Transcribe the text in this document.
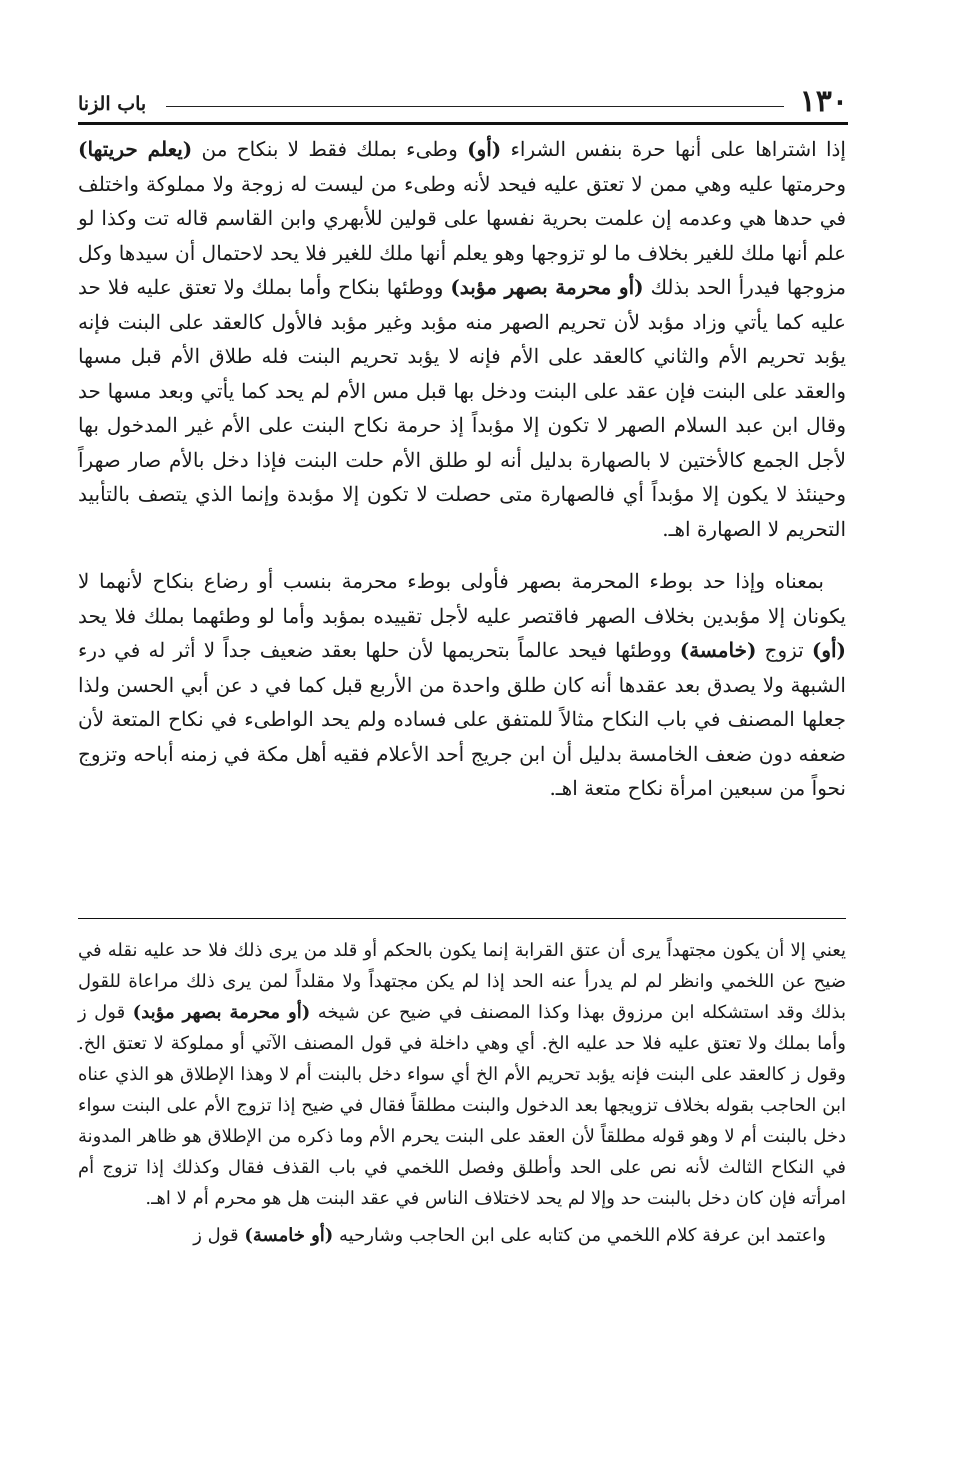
١٣٠
باب الزنا

إذا اشتراها على أنها حرة بنفس الشراء (أو) وطىء بملك فقط لا بنكاح من (يعلم حريتها) وحرمتها عليه وهي ممن لا تعتق عليه فيحد لأنه وطىء من ليست له زوجة ولا مملوكة واختلف في حدها هي وعدمه إن علمت بحرية نفسها على قولين للأبهري وابن القاسم قاله تت وكذا لو علم أنها ملك للغير بخلاف ما لو تزوجها وهو يعلم أنها ملك للغير فلا يحد لاحتمال أن سيدها وكل مزوجها فيدرأ الحد بذلك (أو محرمة بصهر مؤبد) ووطئها بنكاح وأما بملك ولا تعتق عليه فلا حد عليه كما يأتي وزاد مؤبد لأن تحريم الصهر منه مؤبد وغير مؤبد فالأول كالعقد على البنت فإنه يؤبد تحريم الأم والثاني كالعقد على الأم فإنه لا يؤبد تحريم البنت فله طلاق الأم قبل مسها والعقد على البنت فإن عقد على البنت ودخل بها قبل مس الأم لم يحد كما يأتي وبعد مسها حد وقال ابن عبد السلام الصهر لا تكون إلا مؤبداً إذ حرمة نكاح البنت على الأم غير المدخول بها لأجل الجمع كالأختين لا بالصهارة بدليل أنه لو طلق الأم حلت البنت فإذا دخل بالأم صار صهراً وحينئذ لا يكون إلا مؤبداً أي فالصهارة متى حصلت لا تكون إلا مؤبدة وإنما الذي يتصف بالتأبيد التحريم لا الصهارة اهـ.

بمعناه وإذا حد بوطء المحرمة بصهر فأولى بوطء محرمة بنسب أو رضاع بنكاح لأنهما لا يكونان إلا مؤبدين بخلاف الصهر فاقتصر عليه لأجل تقييده بمؤبد وأما لو وطئهما بملك فلا يحد (أو) تزوج (خامسة) ووطئها فيحد عالماً بتحريمها لأن حلها بعقد ضعيف جداً لا أثر له في درء الشبهة ولا يصدق بعد عقدها أنه كان طلق واحدة من الأربع قبل كما في د عن أبي الحسن ولذا جعلها المصنف في باب النكاح مثالاً للمتفق على فساده ولم يحد الواطىء في نكاح المتعة لأن ضعفه دون ضعف الخامسة بدليل أن ابن جريج أحد الأعلام فقيه أهل مكة في زمنه أباحه وتزوج نحواً من سبعين امرأة نكاح متعة اهـ.

يعني إلا أن يكون مجتهداً يرى أن عتق القرابة إنما يكون بالحكم أو قلد من يرى ذلك فلا حد عليه نقله في ضيح عن اللخمي وانظر لم لم يدرأ عنه الحد إذا لم يكن مجتهداً ولا مقلداً لمن يرى ذلك مراعاة للقول بذلك وقد استشكله ابن مرزوق بهذا وكذا المصنف في ضيح عن شيخه (أو محرمة بصهر مؤبد) قول ز وأما بملك ولا تعتق عليه فلا حد عليه الخ. أي وهي داخلة في قول المصنف الآتي أو مملوكة لا تعتق الخ. وقول ز كالعقد على البنت فإنه يؤبد تحريم الأم الخ أي سواء دخل بالبنت أم لا وهذا الإطلاق هو الذي عناه ابن الحاجب بقوله بخلاف تزويجها بعد الدخول والبنت مطلقاً فقال في ضيح إذا تزوج الأم على البنت سواء دخل بالبنت أم لا وهو قوله مطلقاً لأن العقد على البنت يحرم الأم وما ذكره من الإطلاق هو ظاهر المدونة في النكاح الثالث لأنه نص على الحد وأطلق وفصل اللخمي في باب القذف فقال وكذلك إذا تزوج أم امرأته فإن كان دخل بالبنت حد وإلا لم يحد لاختلاف الناس في عقد البنت هل هو محرم أم لا اهـ.

واعتمد ابن عرفة كلام اللخمي من كتابه على ابن الحاجب وشارحيه (أو خامسة) قول ز
